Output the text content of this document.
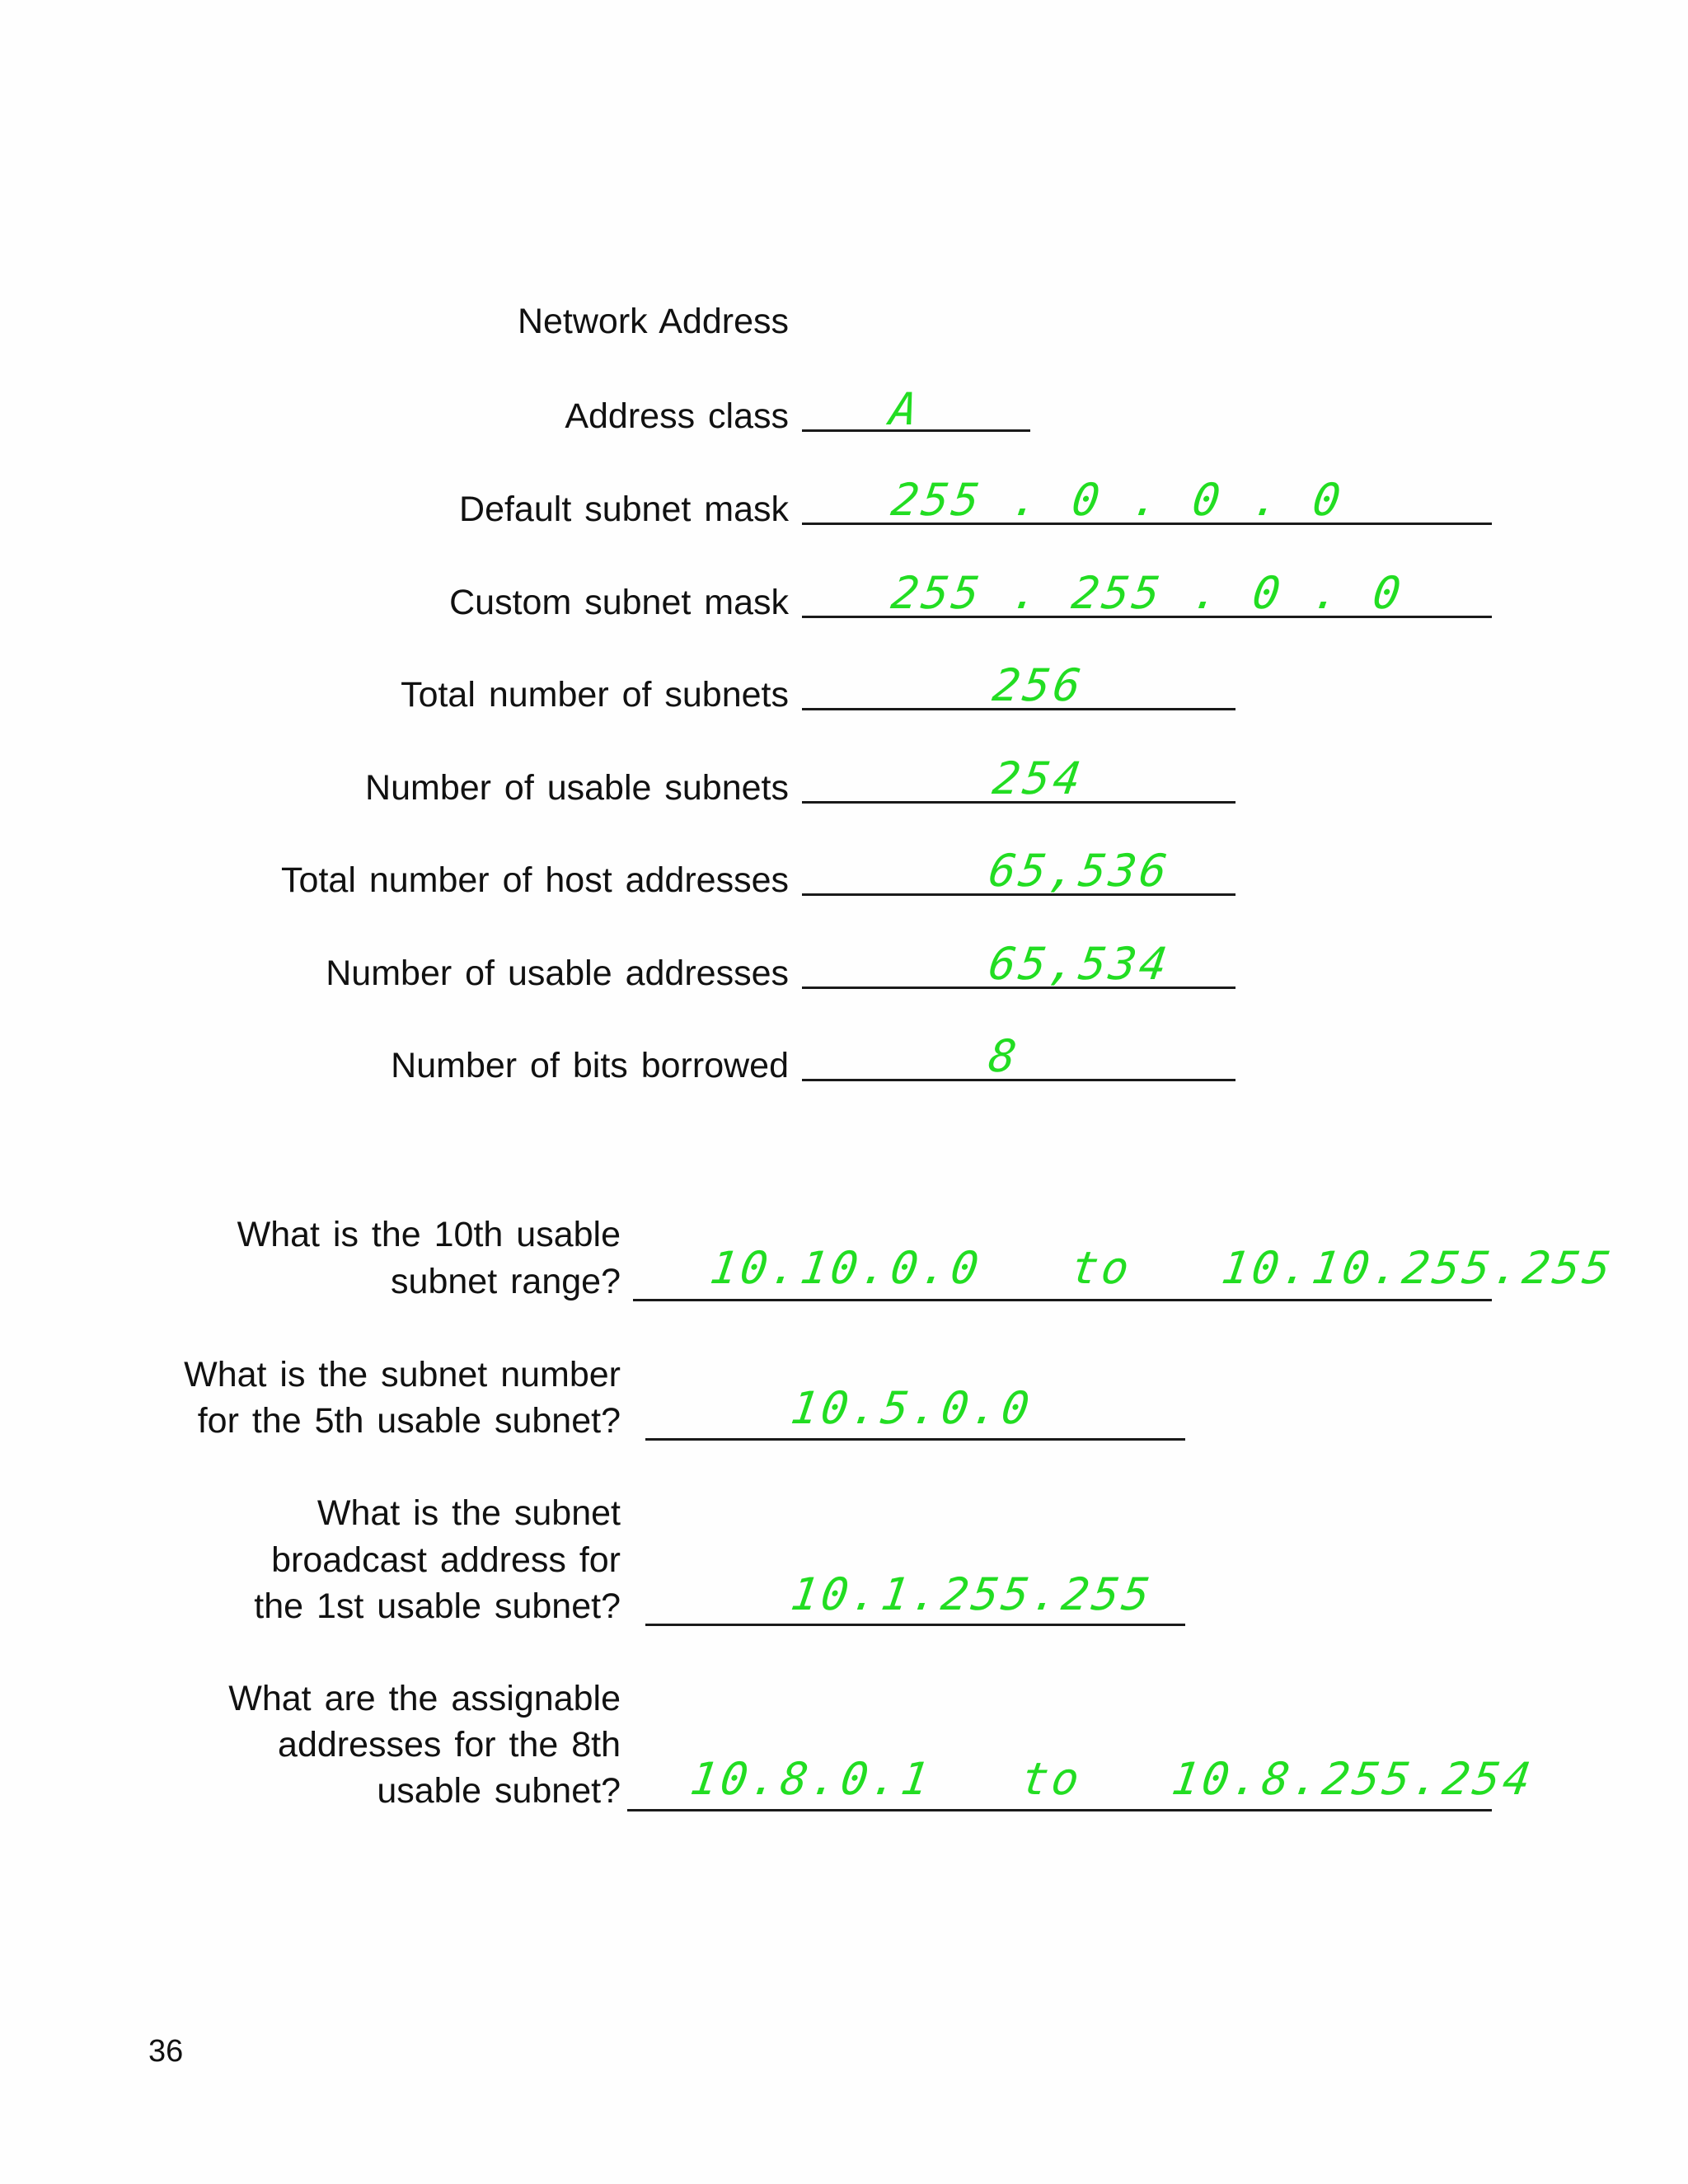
Network Address
Address class A
Default subnet mask 255 . 0 . 0 . 0
Custom subnet mask 255 . 255 . 0 . 0
Total number of subnets	256
Number of usable subnets	254
Total number of host addresses	65,536
Number of usable addresses	65,534
Number of bits borrowed	8
What is the 10th usable
subnet range? 10.10.0.0   to   10.10.255.255
What is the subnet number
for the 5th usable subnet?	10.5.0.0
What is the subnet
broadcast address for
the 1st usable subnet?	10.1.255.255
What are the assignable
addresses for the 8th
usable subnet? 10.8.0.1   to   10.8.255.254
36
